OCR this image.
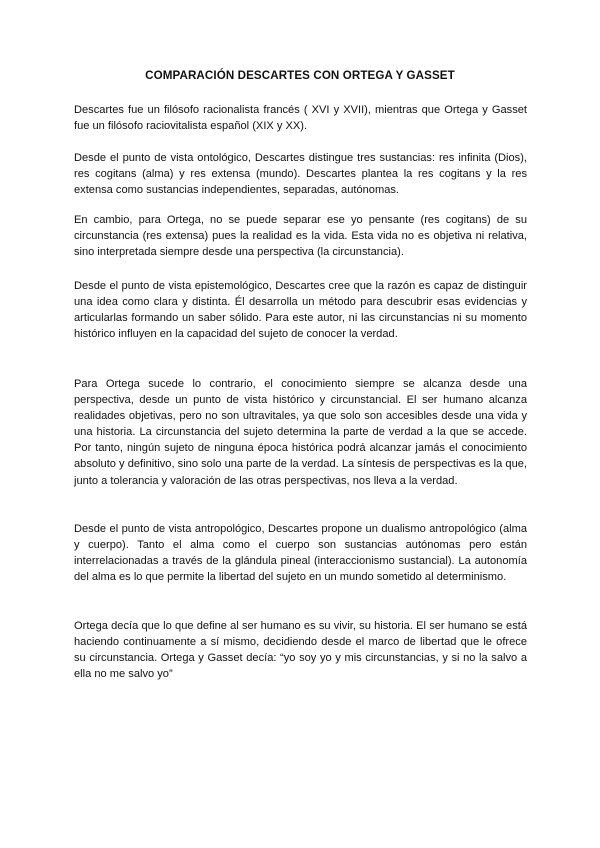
COMPARACIÓN DESCARTES CON ORTEGA Y GASSET

Descartes fue un filósofo racionalista francés ( XVI y XVII), mientras que Ortega y Gasset fue un filósofo raciovitalista español (XIX y XX).

Desde el punto de vista ontológico, Descartes distingue tres sustancias: res infinita (Dios), res cogitans (alma) y res extensa (mundo). Descartes plantea la res cogitans y la res extensa como sustancias independientes, separadas, autónomas.

En cambio, para Ortega, no se puede separar ese yo pensante (res cogitans) de su circunstancia (res extensa) pues la realidad es la vida. Esta vida no es objetiva ni relativa, sino interpretada siempre desde una perspectiva (la circunstancia).

Desde el punto de vista epistemológico, Descartes cree que la razón es capaz de distinguir una idea como clara y distinta. Él desarrolla un método para descubrir esas evidencias y articularlas formando un saber sólido. Para este autor, ni las circunstancias ni su momento histórico influyen en la capacidad del sujeto de conocer la verdad.

Para Ortega sucede lo contrario, el conocimiento siempre se alcanza desde una perspectiva, desde un punto de vista histórico y circunstancial. El ser humano alcanza realidades objetivas, pero no son ultravitales, ya que solo son accesibles desde una vida y una historia. La circunstancia del sujeto determina la parte de verdad a la que se accede. Por tanto, ningún sujeto de ninguna época histórica podrá alcanzar jamás el conocimiento absoluto y definitivo, sino solo una parte de la verdad. La síntesis de perspectivas es la que, junto a tolerancia y valoración de las otras perspectivas, nos lleva a la verdad.

Desde el punto de vista antropológico, Descartes propone un dualismo antropológico (alma y cuerpo). Tanto el alma como el cuerpo son sustancias autónomas pero están interrelacionadas a través de la glándula pineal (interaccionismo sustancial). La autonomía del alma es lo que permite la libertad del sujeto en un mundo sometido al determinismo.

Ortega decía que lo que define al ser humano es su vivir, su historia. El ser humano se está haciendo continuamente a sí mismo, decidiendo desde el marco de libertad que le ofrece su circunstancia. Ortega y Gasset decía: “yo soy yo y mis circunstancias, y si no la salvo a ella no me salvo yo”
